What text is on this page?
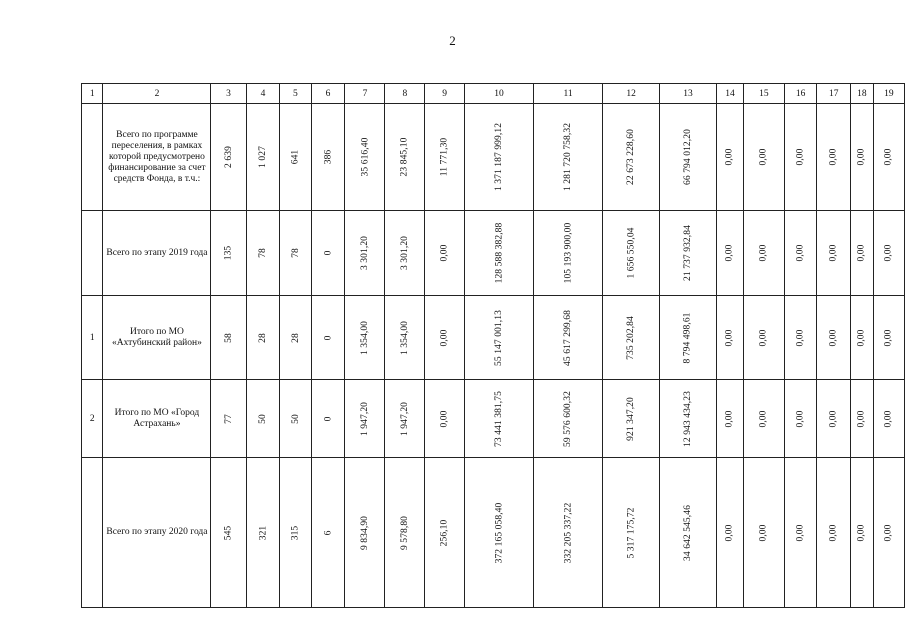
2
1	2	3	4	5	6	7	8	9	10	11	12	13	14	15	16	17	18	19
	Всего по программе переселения, в рамках которой предусмотрено финансирование за счет средств Фонда, в т.ч.:	2 639	1 027	641	386	35 616,40	23 845,10	11 771,30	1 371 187 999,12	1 281 720 758,32	22 673 228,60	66 794 012,20	0,00	0,00	0,00	0,00	0,00	0,00
	Всего по этапу 2019 года	135	78	78	0	3 301,20	3 301,20	0,00	128 588 382,88	105 193 900,00	1 656 550,04	21 737 932,84	0,00	0,00	0,00	0,00	0,00	0,00
1	Итого по МО «Ахтубинский район»	58	28	28	0	1 354,00	1 354,00	0,00	55 147 001,13	45 617 299,68	735 202,84	8 794 498,61	0,00	0,00	0,00	0,00	0,00	0,00
2	Итого по МО «Город Астрахань»	77	50	50	0	1 947,20	1 947,20	0,00	73 441 381,75	59 576 600,32	921 347,20	12 943 434,23	0,00	0,00	0,00	0,00	0,00	0,00
	Всего по этапу 2020 года	545	321	315	6	9 834,90	9 578,80	256,10	372 165 058,40	332 205 337,22	5 317 175,72	34 642 545,46	0,00	0,00	0,00	0,00	0,00	0,00
